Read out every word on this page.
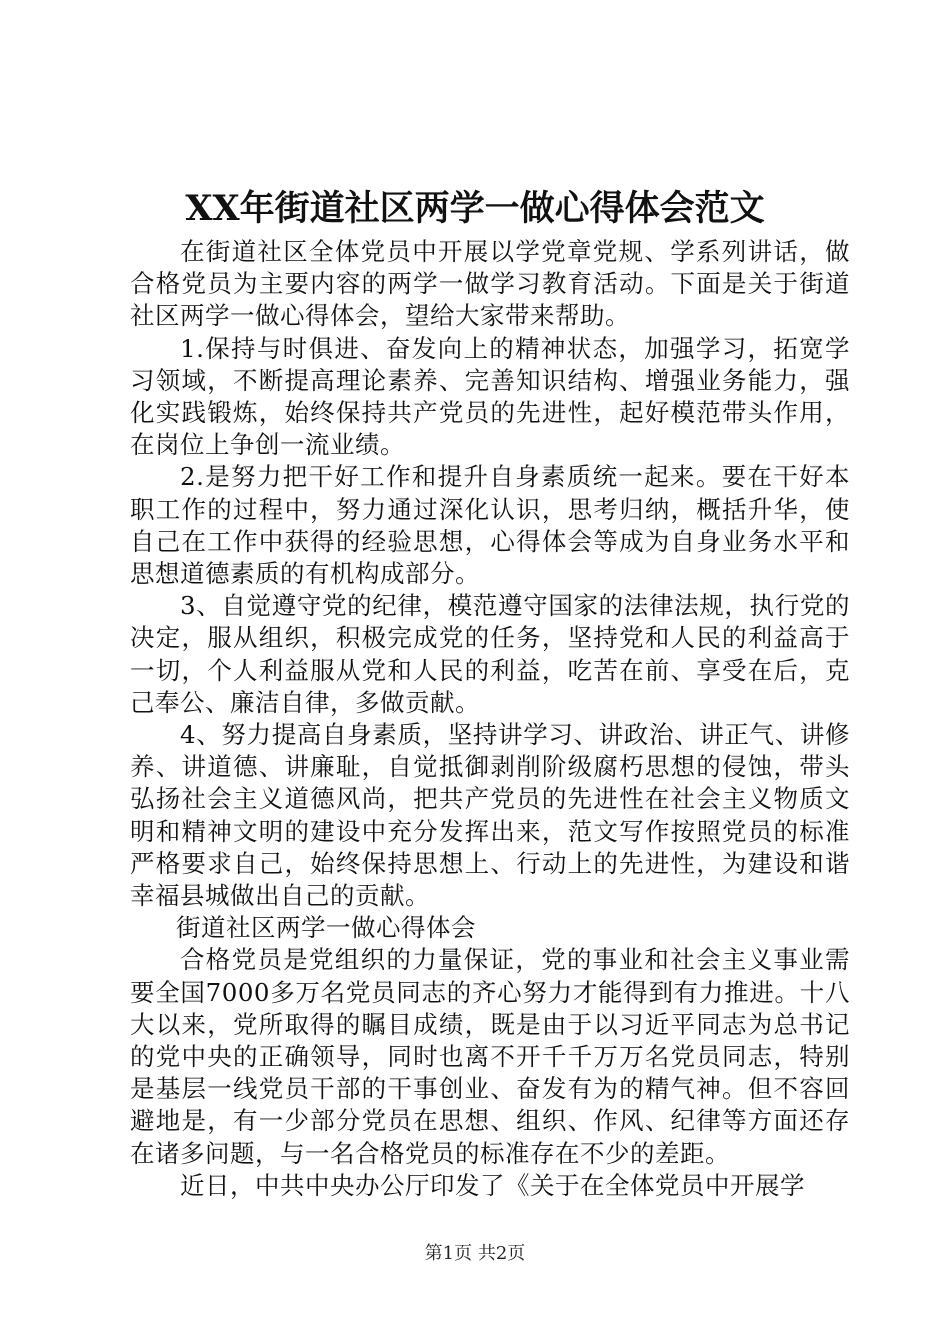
XX年街道社区两学一做心得体会范文

在街道社区全体党员中开展以学党章党规、学系列讲话，做合格党员为主要内容的两学一做学习教育活动。下面是关于街道社区两学一做心得体会，望给大家带来帮助。

1.保持与时俱进、奋发向上的精神状态，加强学习，拓宽学习领域，不断提高理论素养、完善知识结构、增强业务能力，强化实践锻炼，始终保持共产党员的先进性，起好模范带头作用，在岗位上争创一流业绩。

2.是努力把干好工作和提升自身素质统一起来。要在干好本职工作的过程中，努力通过深化认识，思考归纳，概括升华，使自己在工作中获得的经验思想，心得体会等成为自身业务水平和思想道德素质的有机构成部分。

3、自觉遵守党的纪律，模范遵守国家的法律法规，执行党的决定，服从组织，积极完成党的任务，坚持党和人民的利益高于一切，个人利益服从党和人民的利益，吃苦在前、享受在后，克己奉公、廉洁自律，多做贡献。

4、努力提高自身素质，坚持讲学习、讲政治、讲正气、讲修养、讲道德、讲廉耻，自觉抵御剥削阶级腐朽思想的侵蚀，带头弘扬社会主义道德风尚，把共产党员的先进性在社会主义物质文明和精神文明的建设中充分发挥出来，范文写作按照党员的标准严格要求自己，始终保持思想上、行动上的先进性，为建设和谐幸福县城做出自己的贡献。

街道社区两学一做心得体会

合格党员是党组织的力量保证，党的事业和社会主义事业需要全国7000多万名党员同志的齐心努力才能得到有力推进。十八大以来，党所取得的瞩目成绩，既是由于以习近平同志为总书记的党中央的正确领导，同时也离不开千千万万名党员同志，特别是基层一线党员干部的干事创业、奋发有为的精气神。但不容回避地是，有一少部分党员在思想、组织、作风、纪律等方面还存在诸多问题，与一名合格党员的标准存在不少的差距。

近日，中共中央办公厅印发了《关于在全体党员中开展学

第1页 共2页
